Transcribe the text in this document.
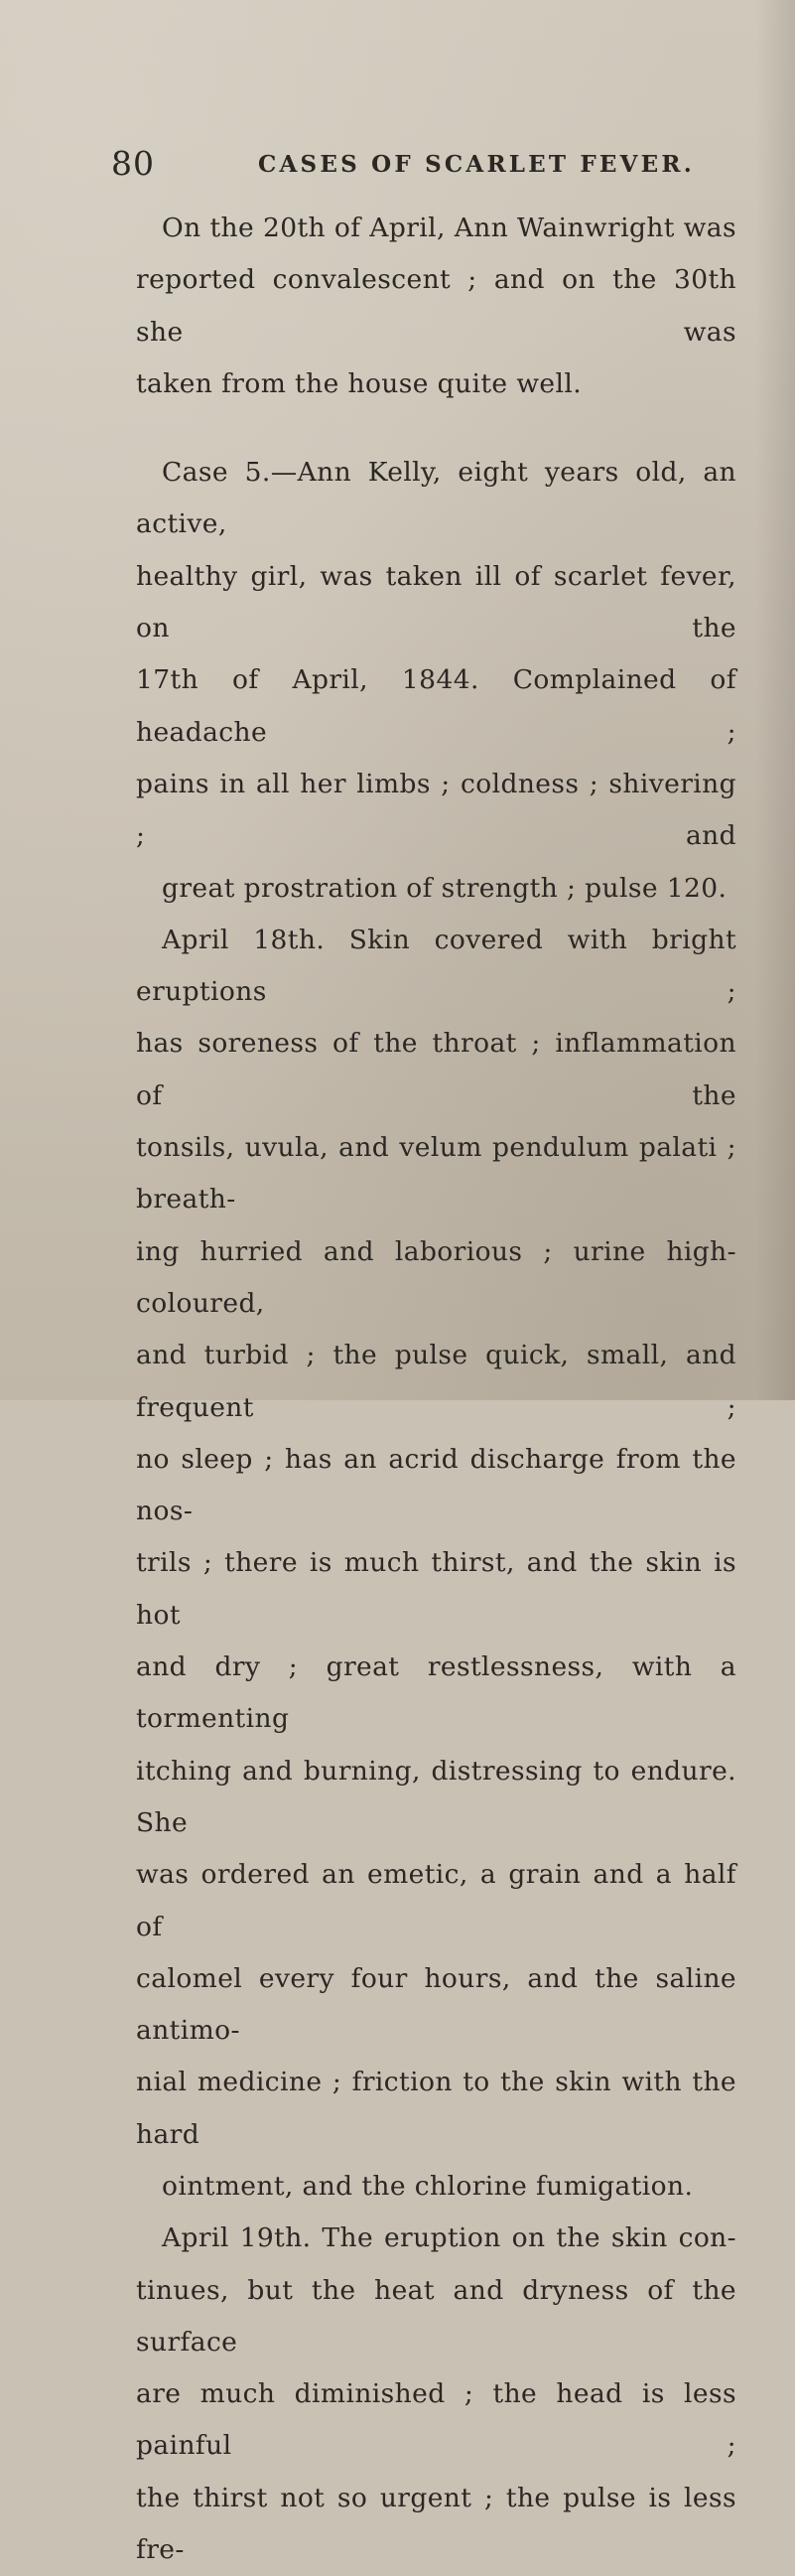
80	CASES OF SCARLET FEVER.

On the 20th of April, Ann Wainwright was
reported convalescent ; and on the 30th she was
taken from the house quite well.

Case 5.—Ann Kelly, eight years old, an active,
healthy girl, was taken ill of scarlet fever, on the
17th of April, 1844. Complained of headache ;
pains in all her limbs ; coldness ; shivering ; and
great prostration of strength ; pulse 120.

April 18th. Skin covered with bright eruptions ;
has soreness of the throat ; inflammation of the
tonsils, uvula, and velum pendulum palati ; breath-
ing hurried and laborious ; urine high-coloured,
and turbid ; the pulse quick, small, and frequent ;
no sleep ; has an acrid discharge from the nos-
trils ; there is much thirst, and the skin is hot
and dry ; great restlessness, with a tormenting
itching and burning, distressing to endure. She
was ordered an emetic, a grain and a half of
calomel every four hours, and the saline antimo-
nial medicine ; friction to the skin with the hard
ointment, and the chlorine fumigation.

April 19th. The eruption on the skin con-
tinues, but the heat and dryness of the surface
are much diminished ; the head is less painful ;
the thirst not so urgent ; the pulse is less fre-
